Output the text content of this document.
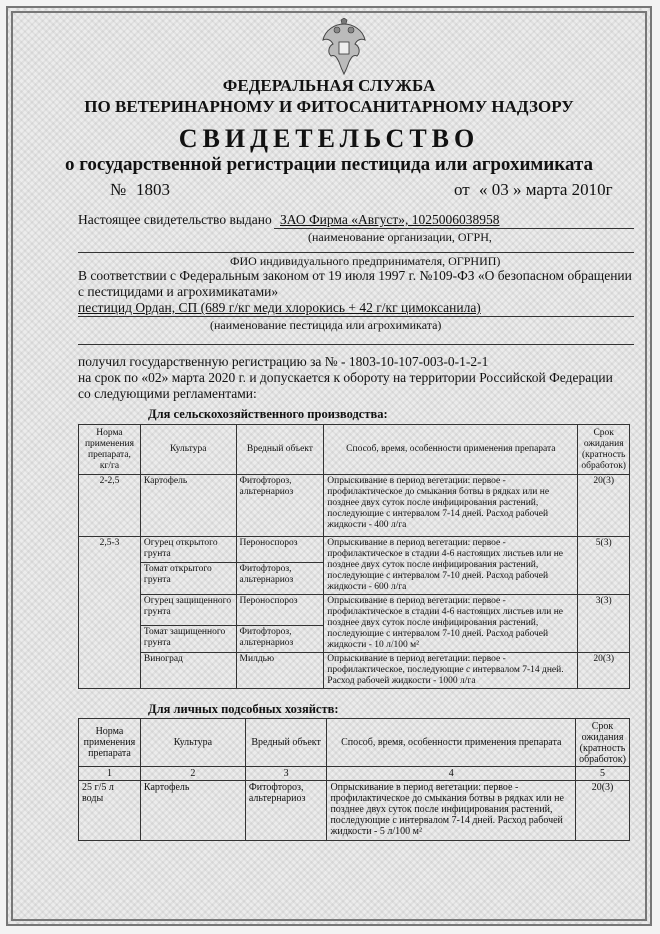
ФЕДЕРАЛЬНАЯ СЛУЖБА
ПО ВЕТЕРИНАРНОМУ И ФИТОСАНИТАРНОМУ НАДЗОРУ
СВИДЕТЕЛЬСТВО
о государственной регистрации пестицида или агрохимиката
№ 1803	от « 03 » марта 2010г
Настоящее свидетельство выдано ЗАО Фирма «Август», 1025006038958
(наименование организации, ОГРН,
ФИО индивидуального предпринимателя, ОГРНИП)
В соответствии с Федеральным законом от 19 июля 1997 г. №109-ФЗ «О безопасном обращении
с пестицидами и агрохимикатами»
пестицид Ордан, СП (689 г/кг меди хлорокись + 42 г/кг цимоксанила)
(наименование пестицида или агрохимиката)
получил государственную регистрацию за № - 1803-10-107-003-0-1-2-1
на срок по «02» марта 2020 г. и допускается к обороту на территории Российской Федерации
со следующими регламентами:
Для сельскохозяйственного производства:
Норма применения препарата, кг/га	Культура	Вредный объект	Способ, время, особенности применения препарата	Срок ожидания (кратность обработок)
2-2,5	Картофель	Фитофтороз, альтернариоз	Опрыскивание в период вегетации: первое - профилактическое до смыкания ботвы в рядках или не позднее двух суток после инфицирования растений, последующие с интервалом 7-14 дней. Расход рабочей жидкости - 400 л/га	20(3)
2,5-3	Огурец открытого грунта	Пероноспороз	Опрыскивание в период вегетации: первое - профилактическое в стадии 4-6 настоящих листьев или не позднее двух суток после инфицирования растений, последующие с интервалом 7-10 дней. Расход рабочей жидкости - 600 л/га	5(3)
	Томат открытого грунта	Фитофтороз, альтернариоз		
	Огурец защищенного грунта	Пероноспороз	Опрыскивание в период вегетации: первое - профилактическое в стадии 4-6 настоящих листьев или не позднее двух суток после инфицирования растений, последующие с интервалом 7-10 дней. Расход рабочей жидкости - 10 л/100 м²	3(3)
	Томат защищенного грунта	Фитофтороз, альтернариоз		
	Виноград	Милдью	Опрыскивание в период вегетации: первое - профилактическое, последующие с интервалом 7-14 дней. Расход рабочей жидкости - 1000 л/га	20(3)
Для личных подсобных хозяйств:
Норма применения препарата	Культура	Вредный объект	Способ, время, особенности применения препарата	Срок ожидания (кратность обработок)
1	2	3	4	5
25 г/5 л воды	Картофель	Фитофтороз, альтернариоз	Опрыскивание в период вегетации: первое - профилактическое до смыкания ботвы в рядках или не позднее двух суток после инфицирования растений, последующие с интервалом 7-14 дней. Расход рабочей жидкости - 5 л/100 м²	20(3)
